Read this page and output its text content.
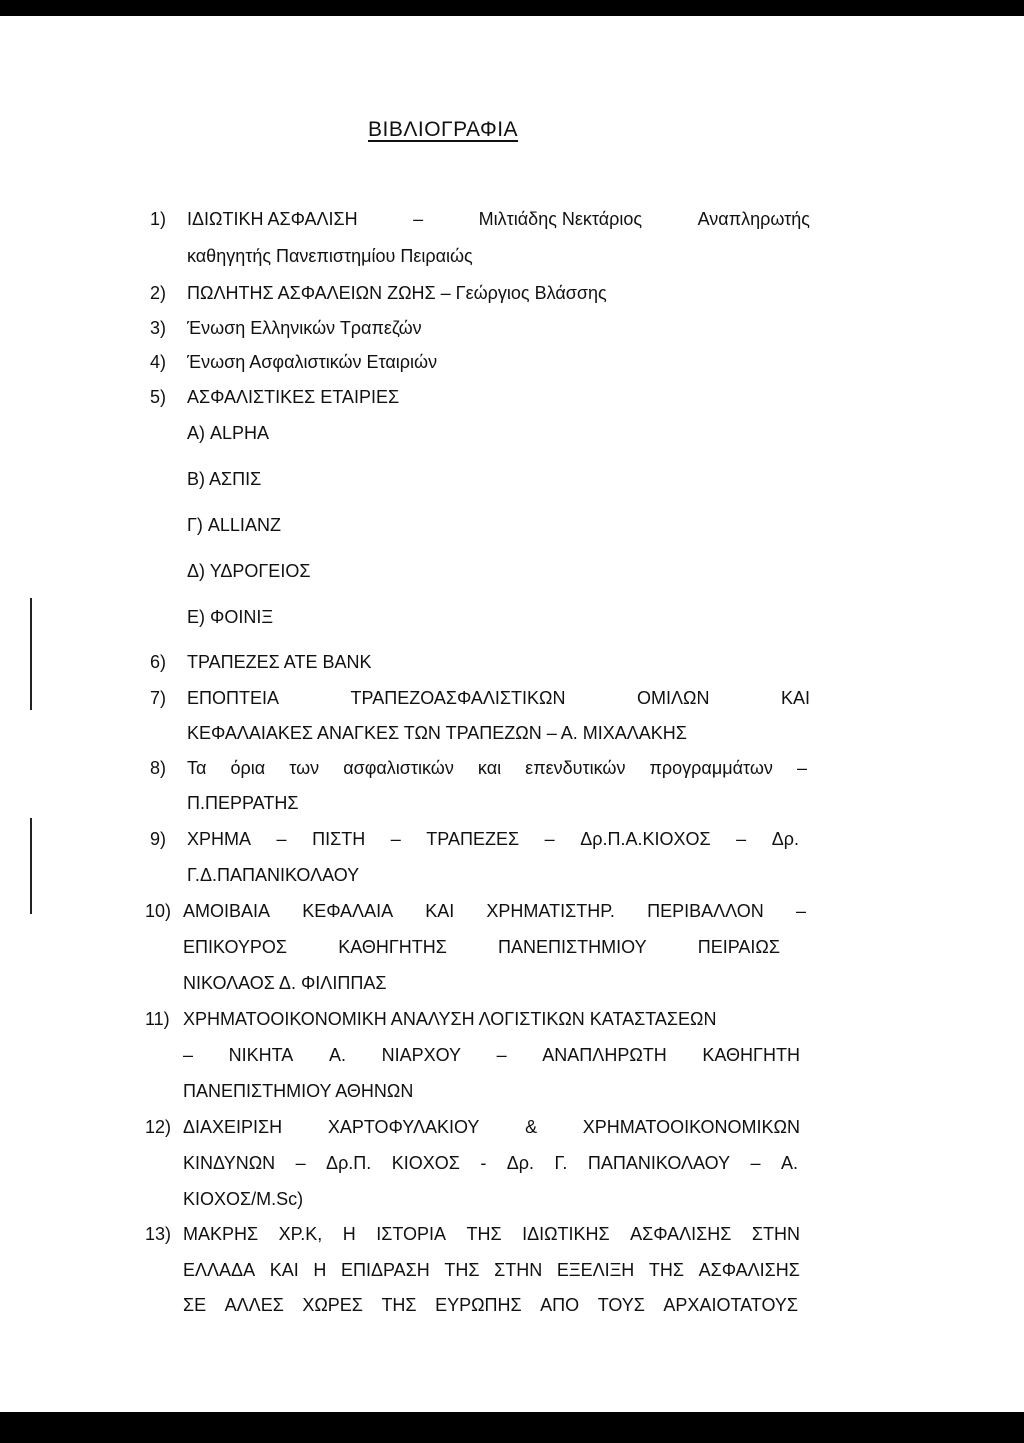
ΒΙΒΛΙΟΓΡΑΦΙΑ
1) ΙΔΙΩΤΙΚΗ ΑΣΦΑΛΙΣΗ	–	Μιλτιάδης Νεκτάριος	Αναπληρωτής
καθηγητής Πανεπιστημίου Πειραιώς
2) ΠΩΛΗΤΗΣ ΑΣΦΑΛΕΙΩΝ ΖΩΗΣ – Γεώργιος Βλάσσης
3) Ένωση Ελληνικών Τραπεζών
4) Ένωση Ασφαλιστικών Εταιριών
5) ΑΣΦΑΛΙΣΤΙΚΕΣ ΕΤΑΙΡΙΕΣ
Α) ALPHA
Β) ΑΣΠΙΣ
Γ) ALLIANZ
Δ) ΥΔΡΟΓΕΙΟΣ
Ε) ΦΟΙΝΙΞ
6) ΤΡΑΠΕΖΕΣ ΑΤΕ BANK
7) ΕΠΟΠΤΕΙΑ	ΤΡΑΠΕΖΟΑΣΦΑΛΙΣΤΙΚΩΝ	ΟΜΙΛΩΝ	ΚΑΙ
ΚΕΦΑΛΑΙΑΚΕΣ ΑΝΑΓΚΕΣ ΤΩΝ ΤΡΑΠΕΖΩΝ – Α. ΜΙΧΑΛΑΚΗΣ
8) Τα όρια των ασφαλιστικών και επενδυτικών προγραμμάτων –
Π.ΠΕΡΡΑΤΗΣ
9) ΧΡΗΜΑ – ΠΙΣΤΗ – ΤΡΑΠΕΖΕΣ – Δρ.Π.Α.ΚΙΟΧΟΣ – Δρ.
Γ.Δ.ΠΑΠΑΝΙΚΟΛΑΟΥ
10) ΑΜΟΙΒΑΙΑ ΚΕΦΑΛΑΙΑ ΚΑΙ ΧΡΗΜΑΤΙΣΤΗΡ. ΠΕΡΙΒΑΛΛΟΝ –
ΕΠΙΚΟΥΡΟΣ	ΚΑΘΗΓΗΤΗΣ	ΠΑΝΕΠΙΣΤΗΜΙΟΥ	ΠΕΙΡΑΙΩΣ
ΝΙΚΟΛΑΟΣ Δ. ΦΙΛΙΠΠΑΣ
11) ΧΡΗΜΑΤΟΟΙΚΟΝΟΜΙΚΗ ΑΝΑΛΥΣΗ ΛΟΓΙΣΤΙΚΩΝ ΚΑΤΑΣΤΑΣΕΩΝ
– ΝΙΚΗΤΑ Α. ΝΙΑΡΧΟΥ – ΑΝΑΠΛΗΡΩΤΗ ΚΑΘΗΓΗΤΗ
ΠΑΝΕΠΙΣΤΗΜΙΟΥ ΑΘΗΝΩΝ
12) ΔΙΑΧΕΙΡΙΣΗ	ΧΑΡΤΟΦΥΛΑΚΙΟΥ	&	ΧΡΗΜΑΤΟΟΙΚΟΝΟΜΙΚΩΝ
ΚΙΝΔΥΝΩΝ – Δρ.Π. ΚΙΟΧΟΣ - Δρ. Γ. ΠΑΠΑΝΙΚΟΛΑΟΥ – Α.
ΚΙΟΧΟΣ/Μ.Sc)
13) ΜΑΚΡΗΣ ΧΡ.Κ, Η ΙΣΤΟΡΙΑ ΤΗΣ ΙΔΙΩΤΙΚΗΣ ΑΣΦΑΛΙΣΗΣ ΣΤΗΝ
ΕΛΛΑΔΑ ΚΑΙ Η ΕΠΙΔΡΑΣΗ ΤΗΣ ΣΤΗΝ ΕΞΕΛΙΞΗ ΤΗΣ ΑΣΦΑΛΙΣΗΣ
ΣΕ ΑΛΛΕΣ ΧΩΡΕΣ ΤΗΣ ΕΥΡΩΠΗΣ ΑΠΟ ΤΟΥΣ ΑΡΧΑΙΟΤΑΤΟΥΣ
